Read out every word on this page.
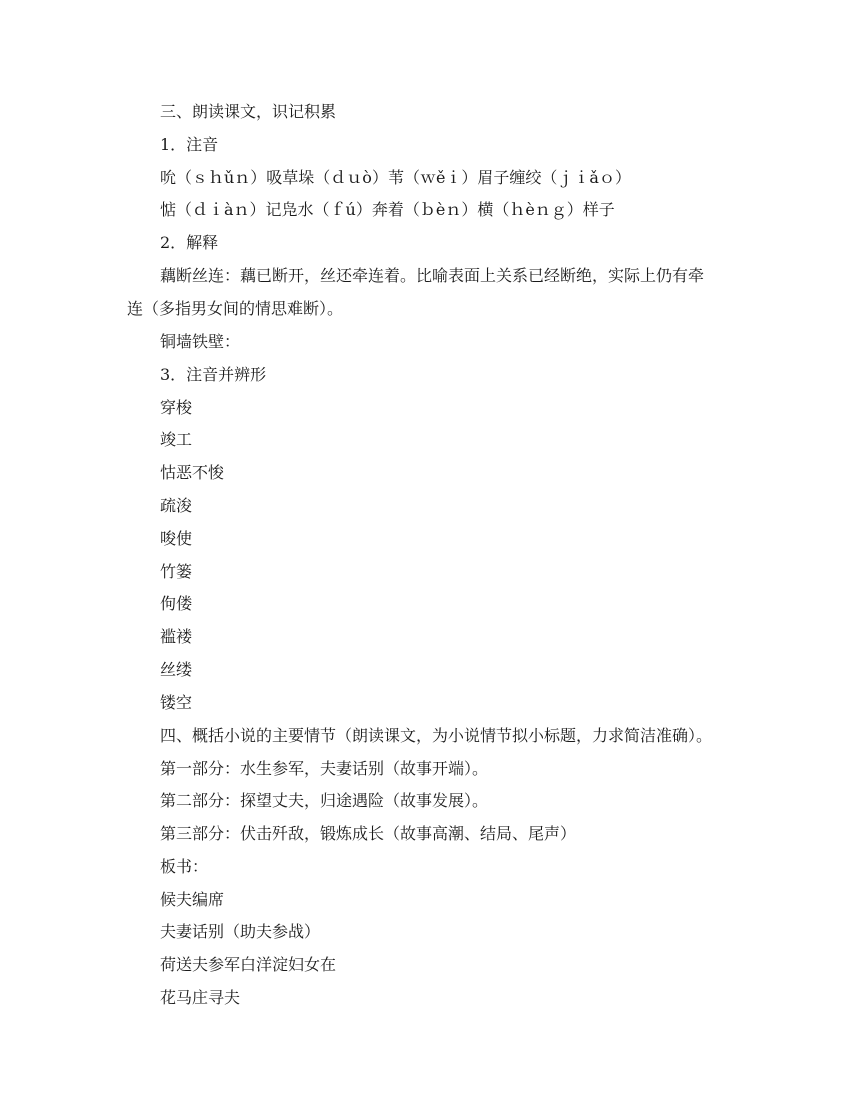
三、朗读课文，识记积累
1．注音
吮（ｓｈǔｎ）吸草垛（ｄｕò）苇（ｗěｉ）眉子缠绞（ｊｉǎｏ）
惦（ｄｉàｎ）记凫水（ｆú）奔着（ｂèｎ）横（ｈèｎｇ）样子
2．解释
藕断丝连：藕已断开，丝还牵连着。比喻表面上关系已经断绝，实际上仍有牵
连（多指男女间的情思难断）。
铜墙铁壁：
3．注音并辨形
穿梭
竣工
怙恶不悛
疏浚
唆使
竹篓
佝偻
褴褛
丝缕
镂空
四、概括小说的主要情节（朗读课文，为小说情节拟小标题，力求简洁准确）。
第一部分：水生参军，夫妻话别（故事开端）。
第二部分：探望丈夫，归途遇险（故事发展）。
第三部分：伏击歼敌，锻炼成长（故事高潮、结局、尾声）
板书：
候夫编席
夫妻话别（助夫参战）
荷送夫参军白洋淀妇女在
花马庄寻夫
